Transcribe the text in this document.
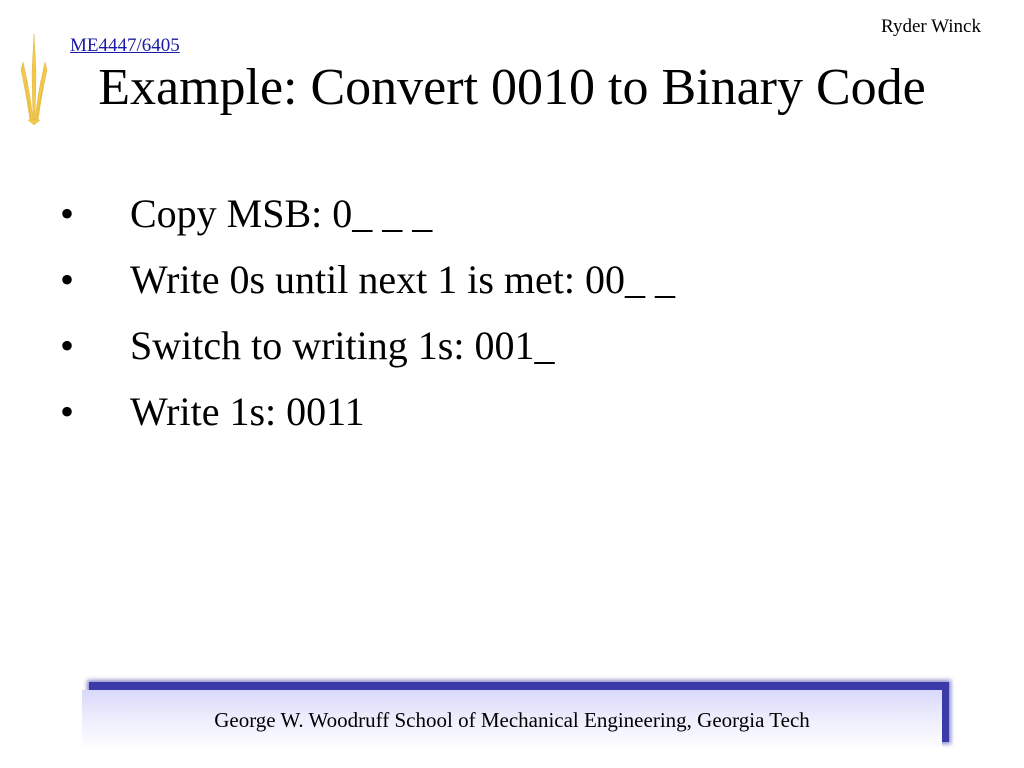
Ryder Winck
ME4447/6405
Example: Convert 0010 to Binary Code
• Copy MSB: 0_ _ _
• Write 0s until next 1 is met: 00_ _
• Switch to writing 1s: 001_
• Write 1s: 0011
George W. Woodruff School of Mechanical Engineering, Georgia Tech
